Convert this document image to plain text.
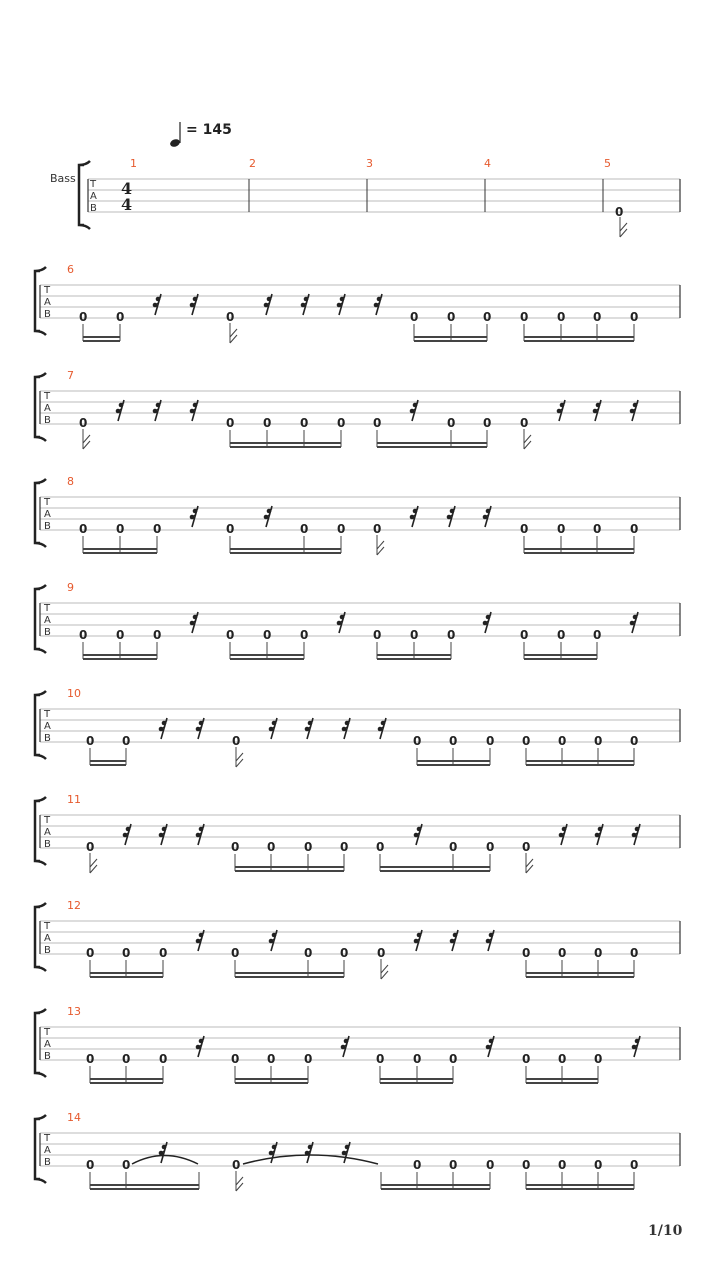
= 145
Bass T
A
B
4
4
1	2	3	4	5
0
T
A
B
6
0 0	0	0 0 0 0 0 0 0
T
A
B
7
0	0 0 0 0 0	0 0 0
T
A
B
8
0 0 0	0	0 0 0	0 0 0 0
T
A
B
9
0 0 0	0 0 0	0 0 0	0 0 0
T
A
B
10
0 0	0	0 0 0 0 0 0 0
T
A
B
11
0	0 0 0 0 0	0 0 0
T
A
B
12
0 0 0	0	0 0 0	0 0 0 0
T
A
B
13
0 0 0	0 0 0	0 0 0	0 0 0
T
A
B
14
0 0	0	0 0 0 0 0 0 0
1/10
